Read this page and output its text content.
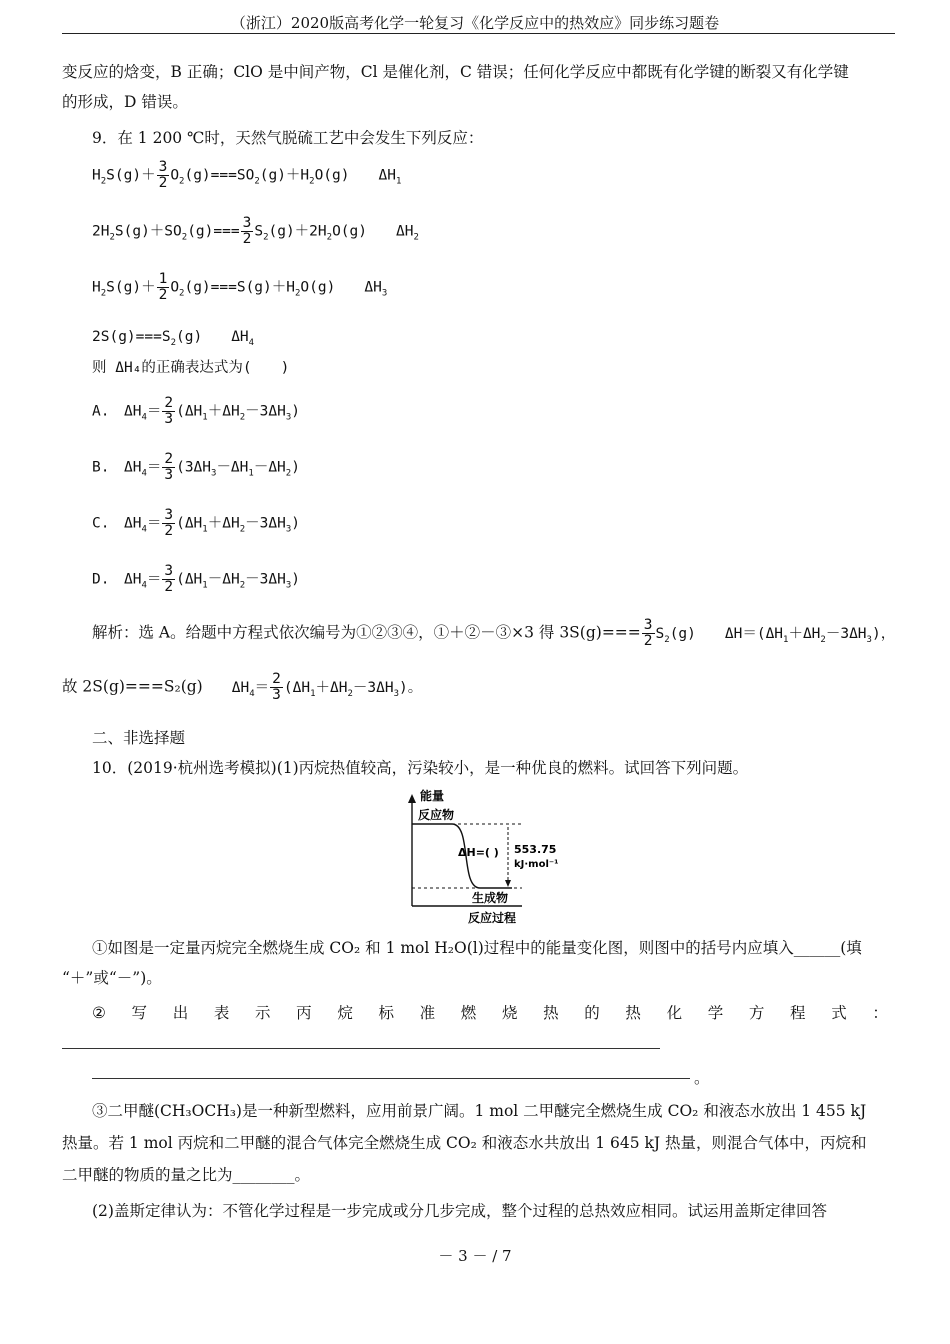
（浙江）2020版高考化学一轮复习《化学反应中的热效应》同步练习题卷
变反应的焓变，B 正确；ClO 是中间产物，Cl 是催化剂，C 错误；任何化学反应中都既有化学键的断裂又有化学键
的形成，D 错误。
9．在 1 200 ℃时，天然气脱硫工艺中会发生下列反应：
$H_2S(g)+ \frac{3}{2} O_2(g)===SO_2(g)+H_2O(g)$　　$\Delta H_1$
$2H_2S(g)+SO_2(g)=== \frac{3}{2} S_2(g)+2H_2O(g)$　　$\Delta H_2$
$H_2S(g)+ \frac{1}{2} O_2(g)===S(g)+H_2O(g)$　　$\Delta H_3$
$2S(g)===S_2(g)$　　$\Delta H_4$
则 ΔH₄的正确表达式为(　　)
A.　$\Delta H_4= \frac{2}{3} (\Delta H_1+\Delta H_2-3\Delta H_3)$
B.　$\Delta H_4= \frac{2}{3} (3\Delta H_3-\Delta H_1-\Delta H_2)$
C.　$\Delta H_4= \frac{3}{2} (\Delta H_1+\Delta H_2-3\Delta H_3)$
D.　$\Delta H_4= \frac{3}{2} (\Delta H_1-\Delta H_2-3\Delta H_3)$
解析：选 A。给题中方程式依次编号为①②③④，①＋②－③×3 得 $3S(g)=== \frac{3}{2} S_2(g)$　　$\Delta H=(\Delta H_1+\Delta H_2-3\Delta H_3)$，
故 2S(g)===S₂(g)　　$\Delta H_4= \frac{2}{3} (\Delta H_1+\Delta H_2-3\Delta H_3)$。
二、非选择题
10．(2019·杭州选考模拟)(1)丙烷热值较高，污染较小，是一种优良的燃料。试回答下列问题。
能量
反应物
ΔH=( ) 553.75
kJ·mol⁻¹
生成物
反应过程
①如图是一定量丙烷完全燃烧生成 CO₂ 和 1 mol H₂O(l)过程中的能量变化图，则图中的括号内应填入______(填
“＋”或“－”)。
② 写 出 表 示 丙 烷 标 准 燃 烧 热 的 热 化 学 方 程 式 ：
。
③二甲醚(CH₃OCH₃)是一种新型燃料，应用前景广阔。1 mol 二甲醚完全燃烧生成 CO₂ 和液态水放出 1 455 kJ
热量。若 1 mol 丙烷和二甲醚的混合气体完全燃烧生成 CO₂ 和液态水共放出 1 645 kJ 热量，则混合气体中，丙烷和
二甲醚的物质的量之比为________。
(2)盖斯定律认为：不管化学过程是一步完成或分几步完成，整个过程的总热效应相同。试运用盖斯定律回答
－ 3 － / 7
